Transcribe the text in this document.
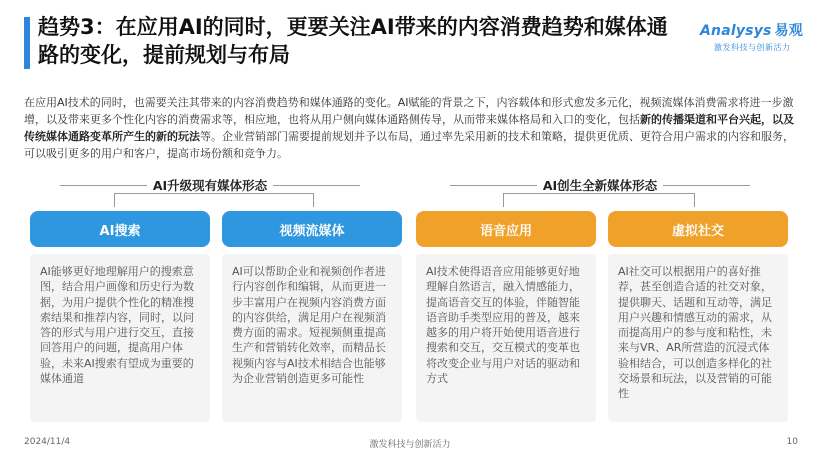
趋势3：在应用AI的同时，更要关注AI带来的内容消费趋势和媒体通路的变化，提前规划与布局
Analysys 易观
激发科技与创新活力
在应用AI技术的同时，也需要关注其带来的内容消费趋势和媒体通路的变化。AI赋能的背景之下，内容载体和形式愈发多元化，视频流媒体消费需求将进一步激增，以及带来更多个性化内容的消费需求等，相应地，也将从用户侧向媒体通路侧传导，从而带来媒体格局和入口的变化，包括新的传播渠道和平台兴起，以及传统媒体通路变革所产生的新的玩法等。企业营销部门需要提前规划并予以布局，通过率先采用新的技术和策略，提供更优质、更符合用户需求的内容和服务，可以吸引更多的用户和客户，提高市场份额和竞争力。
AI升级现有媒体形态	AI创生全新媒体形态
AI搜索	视频流媒体	语音应用	虚拟社交
AI能够更好地理解用户的搜索意图，结合用户画像和历史行为数据，为用户提供个性化的精准搜索结果和推荐内容，同时，以问答的形式与用户进行交互，直接回答用户的问题，提高用户体验，未来AI搜索有望成为重要的媒体通道
AI可以帮助企业和视频创作者进行内容创作和编辑，从而更进一步丰富用户在视频内容消费方面的内容供给，满足用户在视频消费方面的需求。短视频侧重提高生产和营销转化效率，而精品长视频内容与AI技术相结合也能够为企业营销创造更多可能性
AI技术使得语音应用能够更好地理解自然语言，融入情感能力，提高语音交互的体验，伴随智能语音助手类型应用的普及，越来越多的用户将开始使用语音进行搜索和交互，交互模式的变革也将改变企业与用户对话的驱动和方式
AI社交可以根据用户的喜好推荐，甚至创造合适的社交对象，提供聊天、话题和互动等，满足用户兴趣和情感互动的需求，从而提高用户的参与度和粘性，未来与VR、AR所营造的沉浸式体验相结合，可以创造多样化的社交场景和玩法，以及营销的可能性
2024/11/4	激发科技与创新活力	10
